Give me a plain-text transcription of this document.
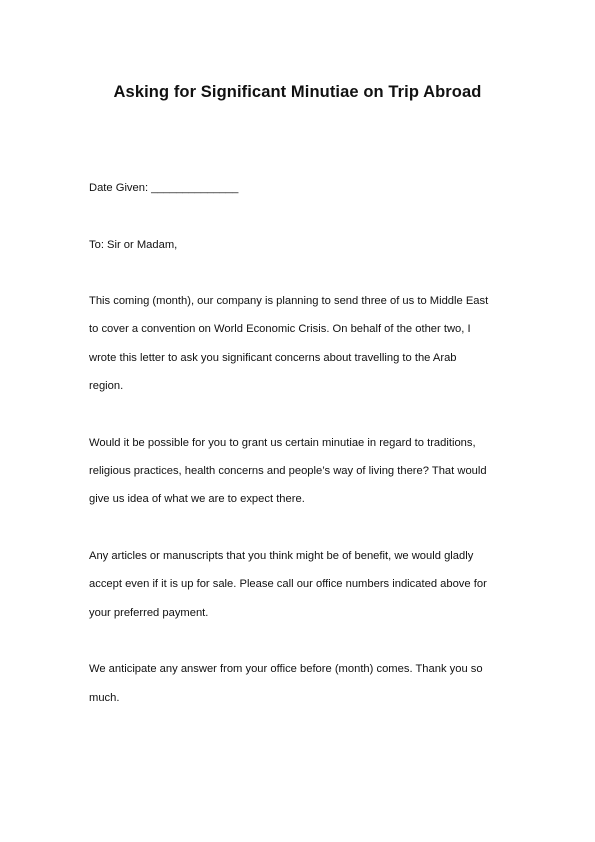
Asking for Significant Minutiae on Trip Abroad

Date Given: ______________

To: Sir or Madam,

This coming (month), our company is planning to send three of us to Middle East

to cover a convention on World Economic Crisis. On behalf of the other two, I

wrote this letter to ask you significant concerns about travelling to the Arab

region.

Would it be possible for you to grant us certain minutiae in regard to traditions,

religious practices, health concerns and people’s way of living there? That would

give us idea of what we are to expect there.

Any articles or manuscripts that you think might be of benefit, we would gladly

accept even if it is up for sale. Please call our office numbers indicated above for

your preferred payment.

We anticipate any answer from your office before (month) comes. Thank you so

much.
